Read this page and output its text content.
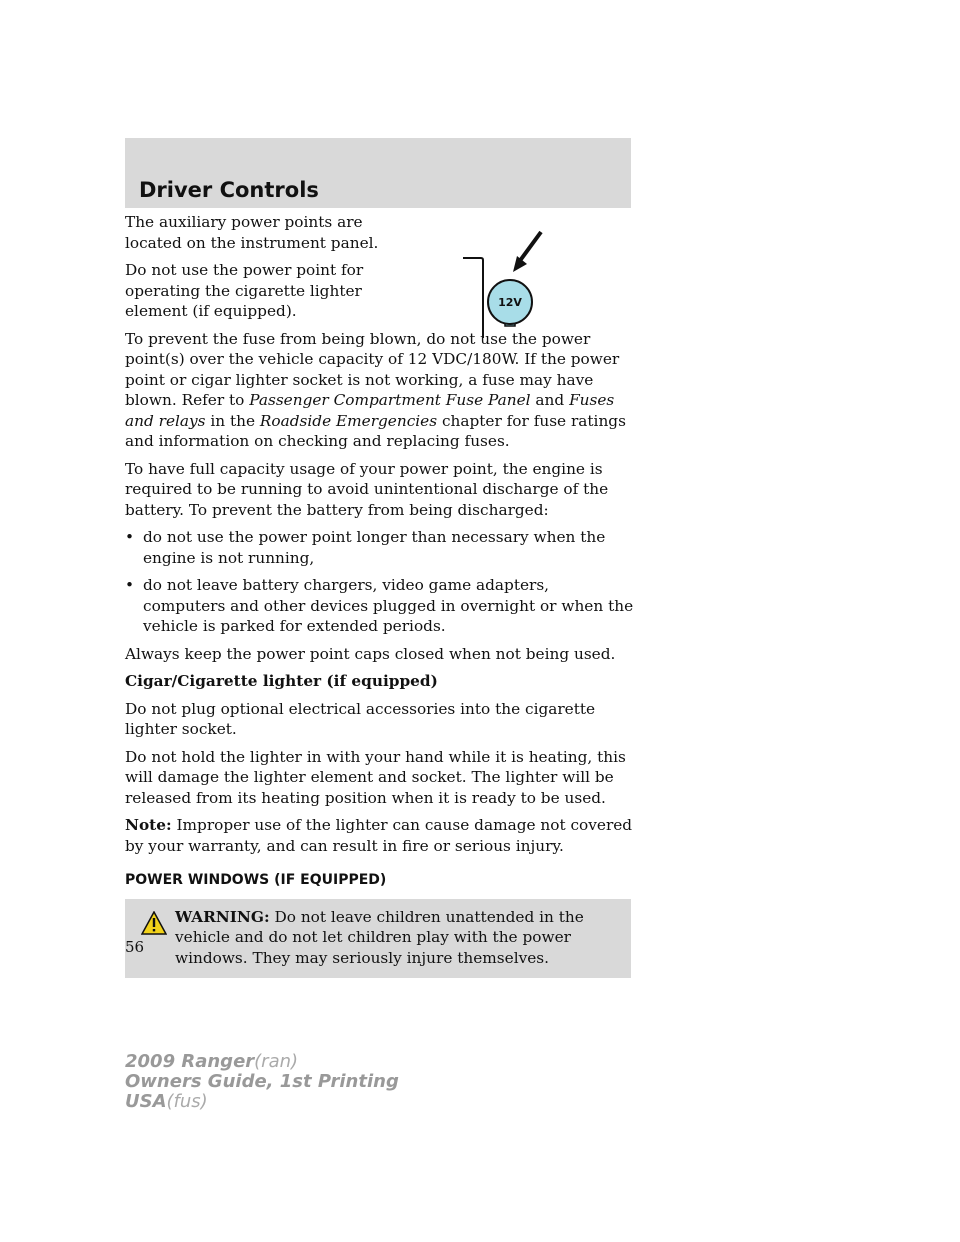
Driver Controls
12V

The auxiliary power points are located on the instrument panel.

Do not use the power point for operating the cigarette lighter element (if equipped).

To prevent the fuse from being blown, do not use the power point(s) over the vehicle capacity of 12 VDC/180W. If the power point or cigar lighter socket is not working, a fuse may have blown. Refer to Passenger Compartment Fuse Panel and Fuses and relays in the Roadside Emergencies chapter for fuse ratings and information on checking and replacing fuses.

To have full capacity usage of your power point, the engine is required to be running to avoid unintentional discharge of the battery. To prevent the battery from being discharged:

• do not use the power point longer than necessary when the engine is not running,
• do not leave battery chargers, video game adapters, computers and other devices plugged in overnight or when the vehicle is parked for extended periods.

Always keep the power point caps closed when not being used.

Cigar/Cigarette lighter (if equipped)

Do not plug optional electrical accessories into the cigarette lighter socket.

Do not hold the lighter in with your hand while it is heating, this will damage the lighter element and socket. The lighter will be released from its heating position when it is ready to be used.

Note: Improper use of the lighter can cause damage not covered by your warranty, and can result in fire or serious injury.

POWER WINDOWS (IF EQUIPPED)
WARNING: Do not leave children unattended in the vehicle and do not let children play with the power windows. They may seriously injure themselves.
56
2009 Ranger(ran)
Owners Guide, 1st Printing
USA(fus)
